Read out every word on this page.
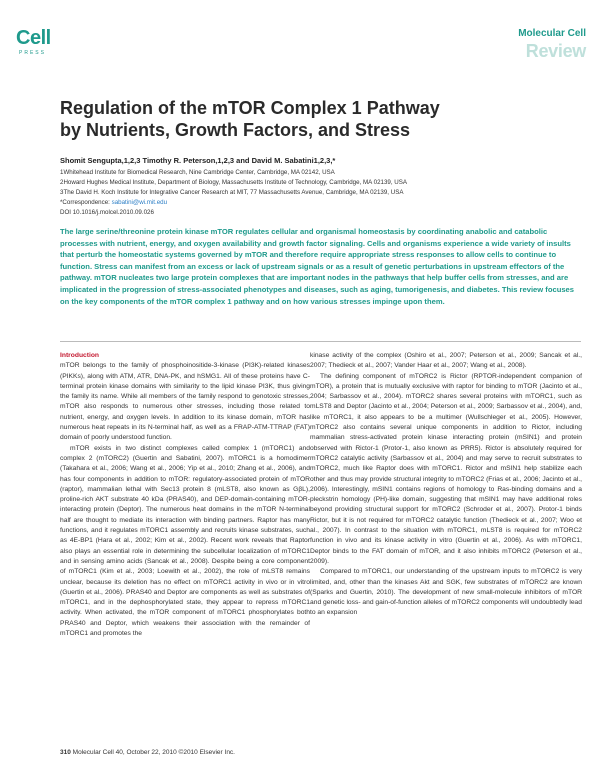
Cell
PRESS
Molecular Cell
Review
Regulation of the mTOR Complex 1 Pathway
by Nutrients, Growth Factors, and Stress
Shomit Sengupta,1,2,3 Timothy R. Peterson,1,2,3 and David M. Sabatini1,2,3,*
1Whitehead Institute for Biomedical Research, Nine Cambridge Center, Cambridge, MA 02142, USA
2Howard Hughes Medical Institute, Department of Biology, Massachusetts Institute of Technology, Cambridge, MA 02139, USA
3The David H. Koch Institute for Integrative Cancer Research at MIT, 77 Massachusetts Avenue, Cambridge, MA 02139, USA
*Correspondence: sabatini@wi.mit.edu
DOI 10.1016/j.molcel.2010.09.026

The large serine/threonine protein kinase mTOR regulates cellular and organismal homeostasis by coordinating anabolic and catabolic processes with nutrient, energy, and oxygen availability and growth factor signaling. Cells and organisms experience a wide variety of insults that perturb the homeostatic systems governed by mTOR and therefore require appropriate stress responses to allow cells to continue to function. Stress can manifest from an excess or lack of upstream signals or as a result of genetic perturbations in upstream effectors of the pathway. mTOR nucleates two large protein complexes that are important nodes in the pathways that help buffer cells from stresses, and are implicated in the progression of stress-associated phenotypes and diseases, such as aging, tumorigenesis, and diabetes. This review focuses on the key components of the mTOR complex 1 pathway and on how various stresses impinge upon them.

Introduction

mTOR belongs to the family of phosphoinositide-3-kinase (PI3K)-related kinases (PIKKs), along with ATM, ATR, DNA-PK, and hSMG1. All of these proteins have C-terminal protein kinase domains with similarity to the lipid kinase PI3K, thus giving the family its name. While all members of the family respond to genotoxic stresses, mTOR also responds to numerous other stresses, including those related to nutrient, energy, and oxygen levels. In addition to its kinase domain, mTOR has numerous heat repeats in its N-terminal half, as well as a FRAP-ATM-TTRAP (FAT) domain of poorly understood function.

mTOR exists in two distinct complexes called complex 1 (mTORC1) and complex 2 (mTORC2) (Guertin and Sabatini, 2007). mTORC1 is a homodimer (Takahara et al., 2006; Wang et al., 2006; Yip et al., 2010; Zhang et al., 2006), and has four components in addition to mTOR: regulatory-associated protein of mTOR (raptor), mammalian lethal with Sec13 protein 8 (mLST8, also known as GβL), proline-rich AKT substrate 40 kDa (PRAS40), and DEP-domain-containing mTOR-interacting protein (Deptor). The numerous heat domains in the mTOR N-terminal half are thought to mediate its interaction with binding partners. Raptor has many functions, and it regulates mTORC1 assembly and recruits kinase substrates, such as 4E-BP1 (Hara et al., 2002; Kim et al., 2002). Recent work reveals that Raptor also plays an essential role in determining the subcellular localization of mTORC1 and in sensing amino acids (Sancak et al., 2008). Despite being a core component of mTORC1 (Kim et al., 2003; Loewith et al., 2002), the role of mLST8 remains unclear, because its deletion has no effect on mTORC1 activity in vivo or in vitro (Guertin et al., 2006). PRAS40 and Deptor are components as well as substrates of mTORC1, and in the dephosphorylated state, they appear to repress mTORC1 activity. When activated, the mTOR component of mTORC1 phosphorylates both PRAS40 and Deptor, which weakens their association with the remainder of mTORC1 and promotes the

kinase activity of the complex (Oshiro et al., 2007; Peterson et al., 2009; Sancak et al., 2007; Thedieck et al., 2007; Vander Haar et al., 2007; Wang et al., 2008).

The defining component of mTORC2 is Rictor (RPTOR-independent companion of mTOR), a protein that is mutually exclusive with raptor for binding to mTOR (Jacinto et al., 2004; Sarbassov et al., 2004). mTORC2 shares several proteins with mTORC1, such as mLST8 and Deptor (Jacinto et al., 2004; Peterson et al., 2009; Sarbassov et al., 2004), and, like mTORC1, it also appears to be a multimer (Wullschleger et al., 2005). However, mTORC2 also contains several unique components in addition to Rictor, including mammalian stress-activated protein kinase interacting protein (mSIN1) and protein observed with Rictor-1 (Protor-1, also known as PRR5). Rictor is absolutely required for mTORC2 catalytic activity (Sarbassov et al., 2004) and may serve to recruit substrates to mTORC2, much like Raptor does with mTORC1. Rictor and mSIN1 help stabilize each other and thus may provide structural integrity to mTORC2 (Frias et al., 2006; Jacinto et al., 2006). Interestingly, mSIN1 contains regions of homology to Ras-binding domains and a pleckstrin homology (PH)-like domain, suggesting that mSIN1 may have additional roles beyond providing structural support for mTORC2 (Schroder et al., 2007). Protor-1 binds Rictor, but it is not required for mTORC2 catalytic function (Thedieck et al., 2007; Woo et al., 2007). In contrast to the situation with mTORC1, mLST8 is required for mTORC2 function in vivo and its kinase activity in vitro (Guertin et al., 2006). As with mTORC1, Deptor binds to the FAT domain of mTOR, and it also inhibits mTORC2 (Peterson et al., 2009).

Compared to mTORC1, our understanding of the upstream inputs to mTORC2 is very limited, and, other than the kinases Akt and SGK, few substrates of mTORC2 are known (Sparks and Guertin, 2010). The development of new small-molecule inhibitors of mTOR and genetic loss- and gain-of-function alleles of mTORC2 components will undoubtedly lead to an expansion

310 Molecular Cell 40, October 22, 2010 ©2010 Elsevier Inc.
